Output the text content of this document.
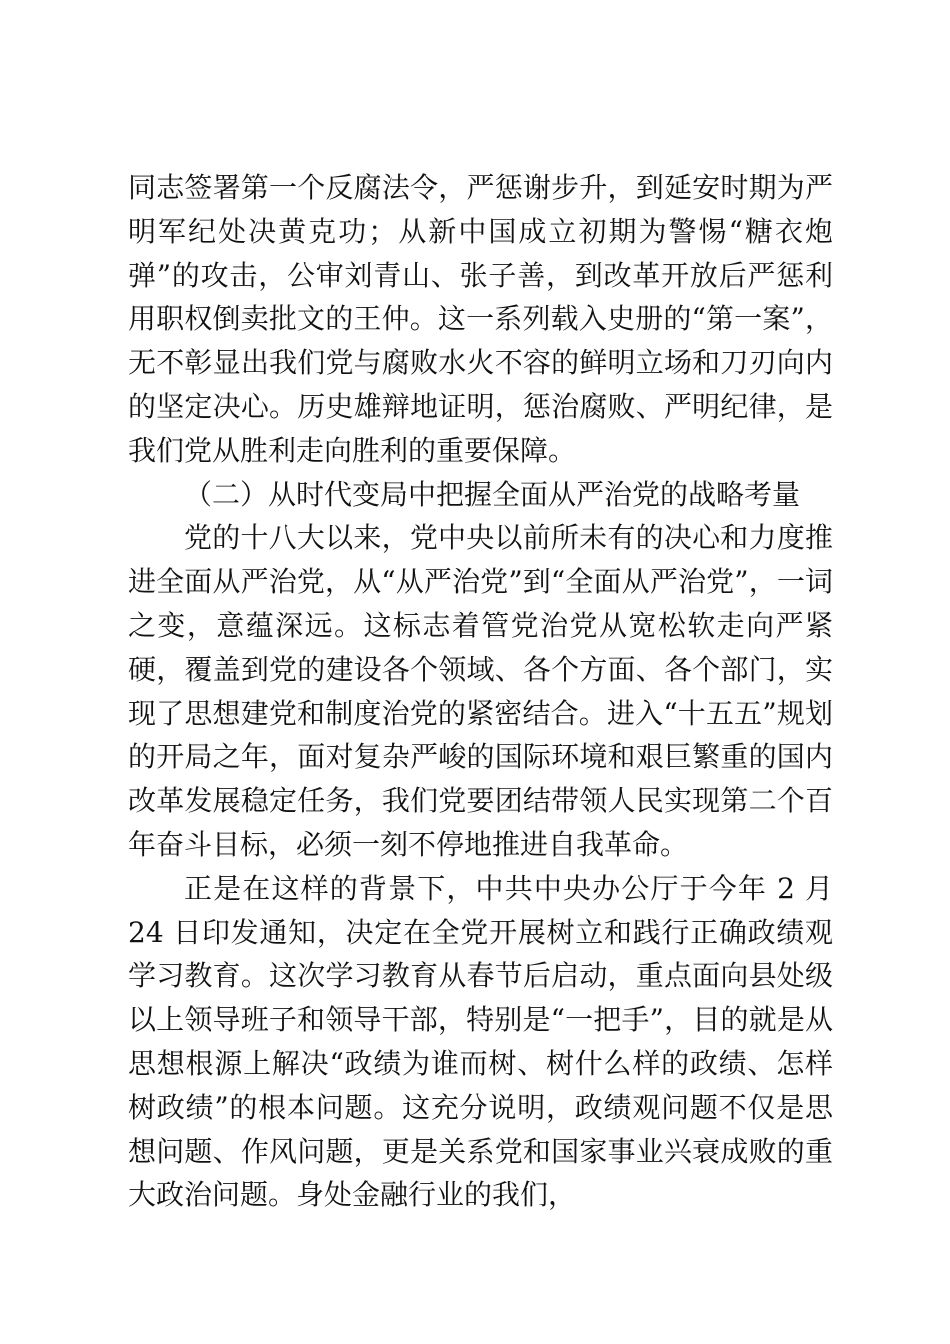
同志签署第一个反腐法令，严惩谢步升，到延安时期为严明军纪处决黄克功；从新中国成立初期为警惕“糖衣炮弹”的攻击，公审刘青山、张子善，到改革开放后严惩利用职权倒卖批文的王仲。这一系列载入史册的“第一案”，无不彰显出我们党与腐败水火不容的鲜明立场和刀刃向内的坚定决心。历史雄辩地证明，惩治腐败、严明纪律，是我们党从胜利走向胜利的重要保障。

（二）从时代变局中把握全面从严治党的战略考量

党的十八大以来，党中央以前所未有的决心和力度推进全面从严治党，从“从严治党”到“全面从严治党”，一词之变，意蕴深远。这标志着管党治党从宽松软走向严紧硬，覆盖到党的建设各个领域、各个方面、各个部门，实现了思想建党和制度治党的紧密结合。进入“十五五”规划的开局之年，面对复杂严峻的国际环境和艰巨繁重的国内改革发展稳定任务，我们党要团结带领人民实现第二个百年奋斗目标，必须一刻不停地推进自我革命。

正是在这样的背景下，中共中央办公厅于今年 2 月 24 日印发通知，决定在全党开展树立和践行正确政绩观学习教育。这次学习教育从春节后启动，重点面向县处级以上领导班子和领导干部，特别是“一把手”，目的就是从思想根源上解决“政绩为谁而树、树什么样的政绩、怎样树政绩”的根本问题。这充分说明，政绩观问题不仅是思想问题、作风问题，更是关系党和国家事业兴衰成败的重大政治问题。身处金融行业的我们，
